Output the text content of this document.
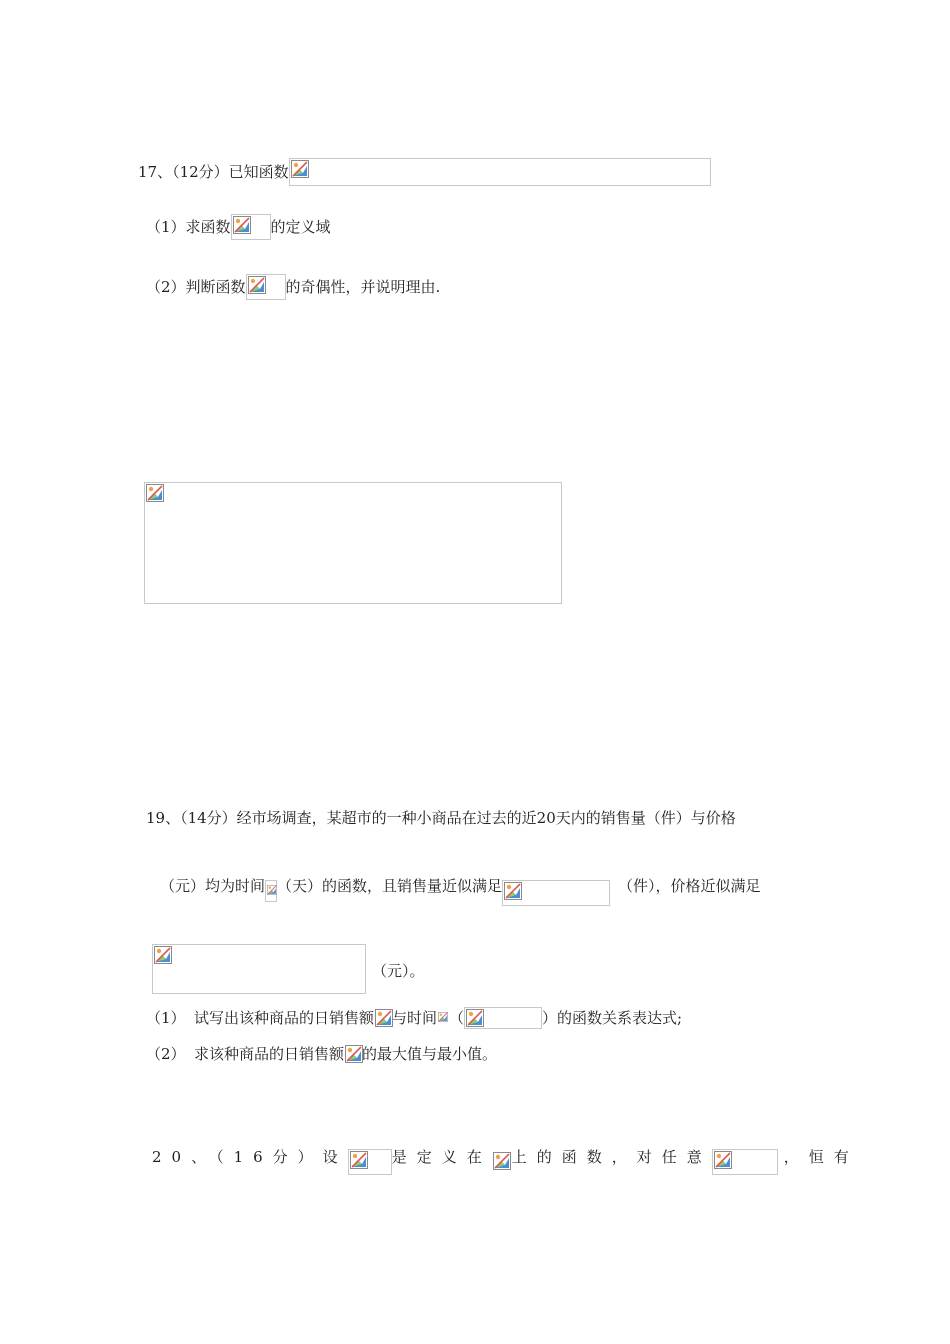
17、（12分）已知函数
（1）求函数	的定义域
（2）判断函数	的奇偶性，并说明理由.
19、（14分）经市场调查，某超市的一种小商品在过去的近20天内的销售量（件）与价格
（元）均为时间 （天）的函数，且销售量近似满足	（件），价格近似满足
（元）。
（1） 试写出该种商品的日销售额 与时间 （	）的函数关系表达式;
（2） 求该种商品的日销售额 的最大值与最小值。
20、（16分）设	是定义在 上的函数，对任意	，恒有
